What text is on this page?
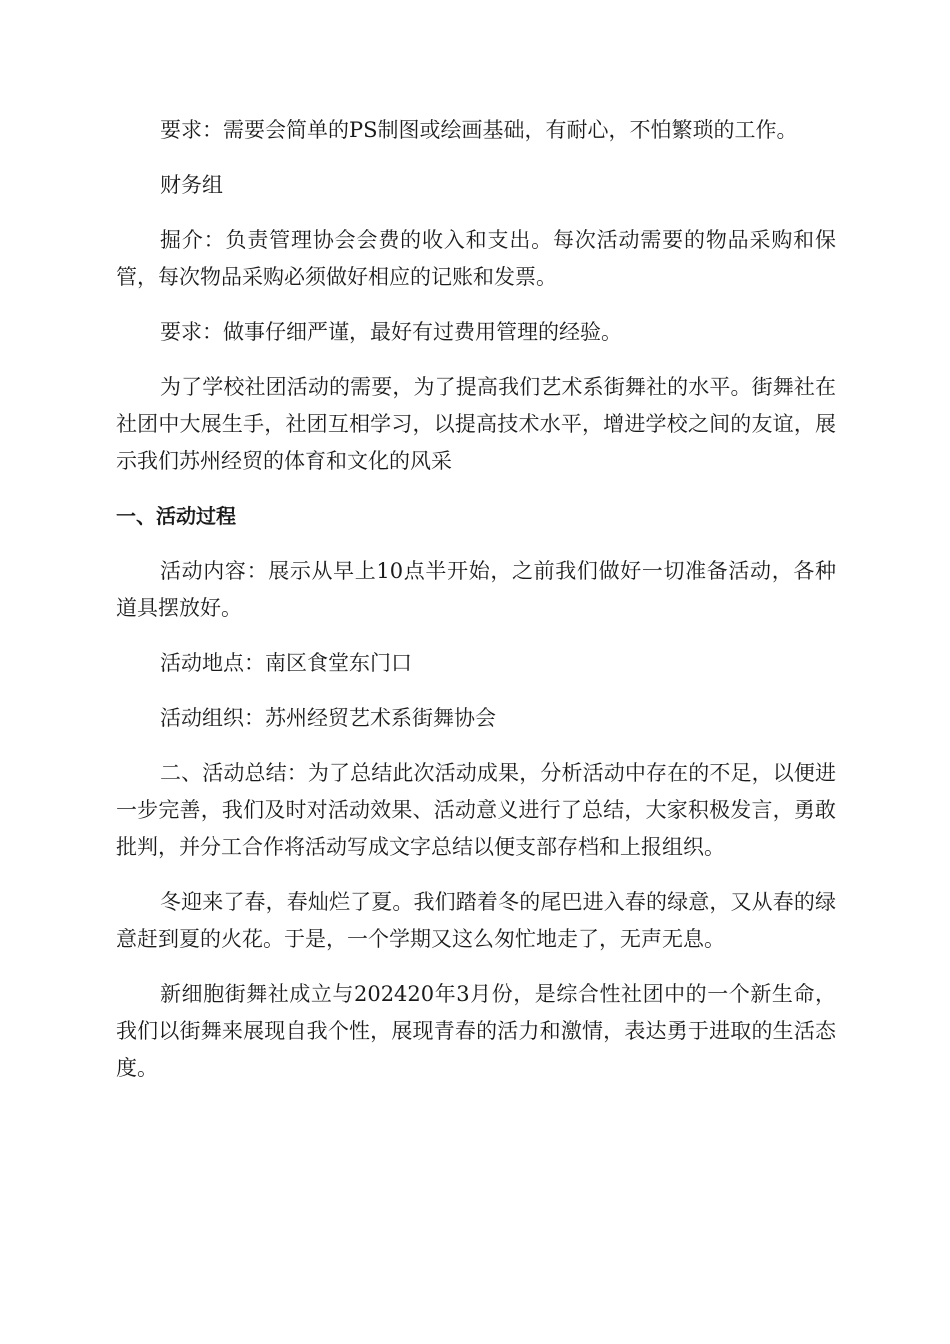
要求：需要会简单的PS制图或绘画基础，有耐心，不怕繁琐的工作。

财务组

掘介：负责管理协会会费的收入和支出。每次活动需要的物品采购和保管，每次物品采购必须做好相应的记账和发票。

要求：做事仔细严谨，最好有过费用管理的经验。

为了学校社团活动的需要，为了提高我们艺术系街舞社的水平。街舞社在社团中大展生手，社团互相学习，以提高技术水平，增进学校之间的友谊，展示我们苏州经贸的体育和文化的风采

一、活动过程

活动内容：展示从早上10点半开始，之前我们做好一切准备活动，各种道具摆放好。

活动地点：南区食堂东门口

活动组织：苏州经贸艺术系街舞协会

二、活动总结：为了总结此次活动成果，分析活动中存在的不足，以便进一步完善，我们及时对活动效果、活动意义进行了总结，大家积极发言，勇敢批判，并分工合作将活动写成文字总结以便支部存档和上报组织。

冬迎来了春，春灿烂了夏。我们踏着冬的尾巴进入春的绿意，又从春的绿意赶到夏的火花。于是，一个学期又这么匆忙地走了，无声无息。

新细胞街舞社成立与202420年3月份，是综合性社团中的一个新生命，我们以街舞来展现自我个性，展现青春的活力和激情，表达勇于进取的生活态度。
